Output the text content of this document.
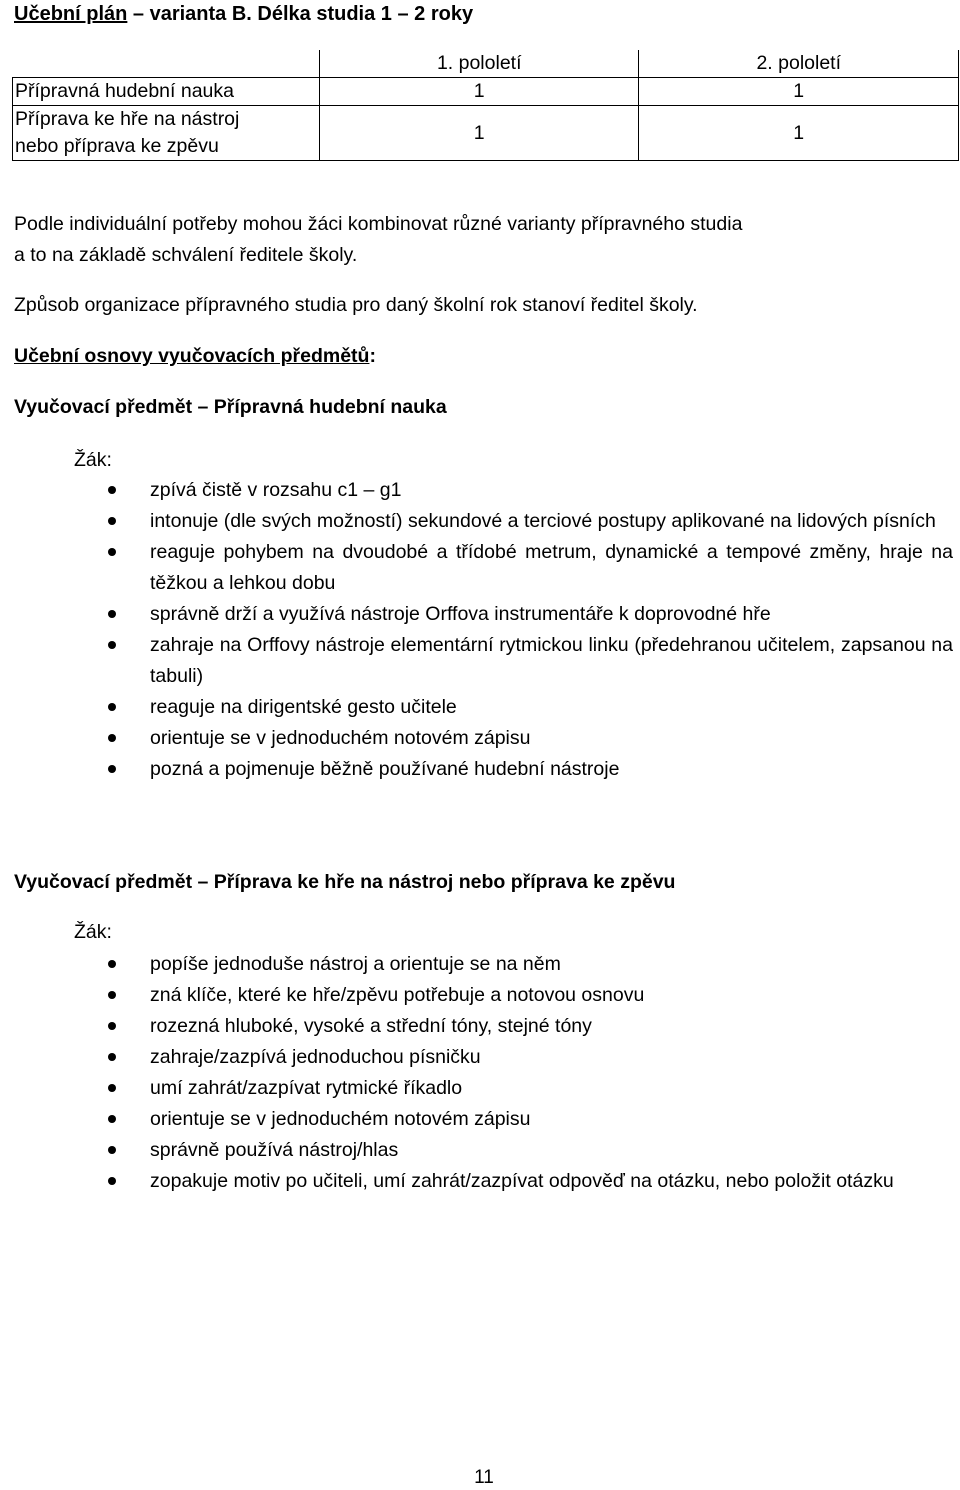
Učební plán – varianta B. Délka studia 1 – 2 roky
	1. pololetí	2. pololetí

Přípravná hudební nauka	1	1

Příprava ke hře na nástroj
nebo příprava ke zpěvu	1	1
Podle individuální potřeby mohou žáci kombinovat různé varianty přípravného studia
a to na základě schválení ředitele školy.
Způsob organizace přípravného studia pro daný školní rok stanoví ředitel školy.
Učební osnovy vyučovacích předmětů:
Vyučovací předmět – Přípravná hudební nauka
Žák:
zpívá čistě v rozsahu c1 – g1
intonuje (dle svých možností) sekundové a terciové postupy aplikované na lidových písních
reaguje pohybem na dvoudobé a třídobé metrum, dynamické a tempové změny, hraje na těžkou a lehkou dobu
správně drží a využívá nástroje Orffova instrumentáře k doprovodné hře
zahraje na Orffovy nástroje elementární rytmickou linku (předehranou učitelem, zapsanou na tabuli)
reaguje na dirigentské gesto učitele
orientuje se v jednoduchém notovém zápisu
pozná a pojmenuje běžně používané hudební nástroje
Vyučovací předmět – Příprava ke hře na nástroj nebo příprava ke zpěvu
Žák:
popíše jednoduše nástroj a orientuje se na něm
zná klíče, které ke hře/zpěvu potřebuje a notovou osnovu
rozezná hluboké, vysoké a střední tóny, stejné tóny
zahraje/zazpívá jednoduchou písničku
umí zahrát/zazpívat rytmické říkadlo
orientuje se v jednoduchém notovém zápisu
správně používá nástroj/hlas
zopakuje motiv po učiteli, umí zahrát/zazpívat odpověď na otázku, nebo položit otázku
11
